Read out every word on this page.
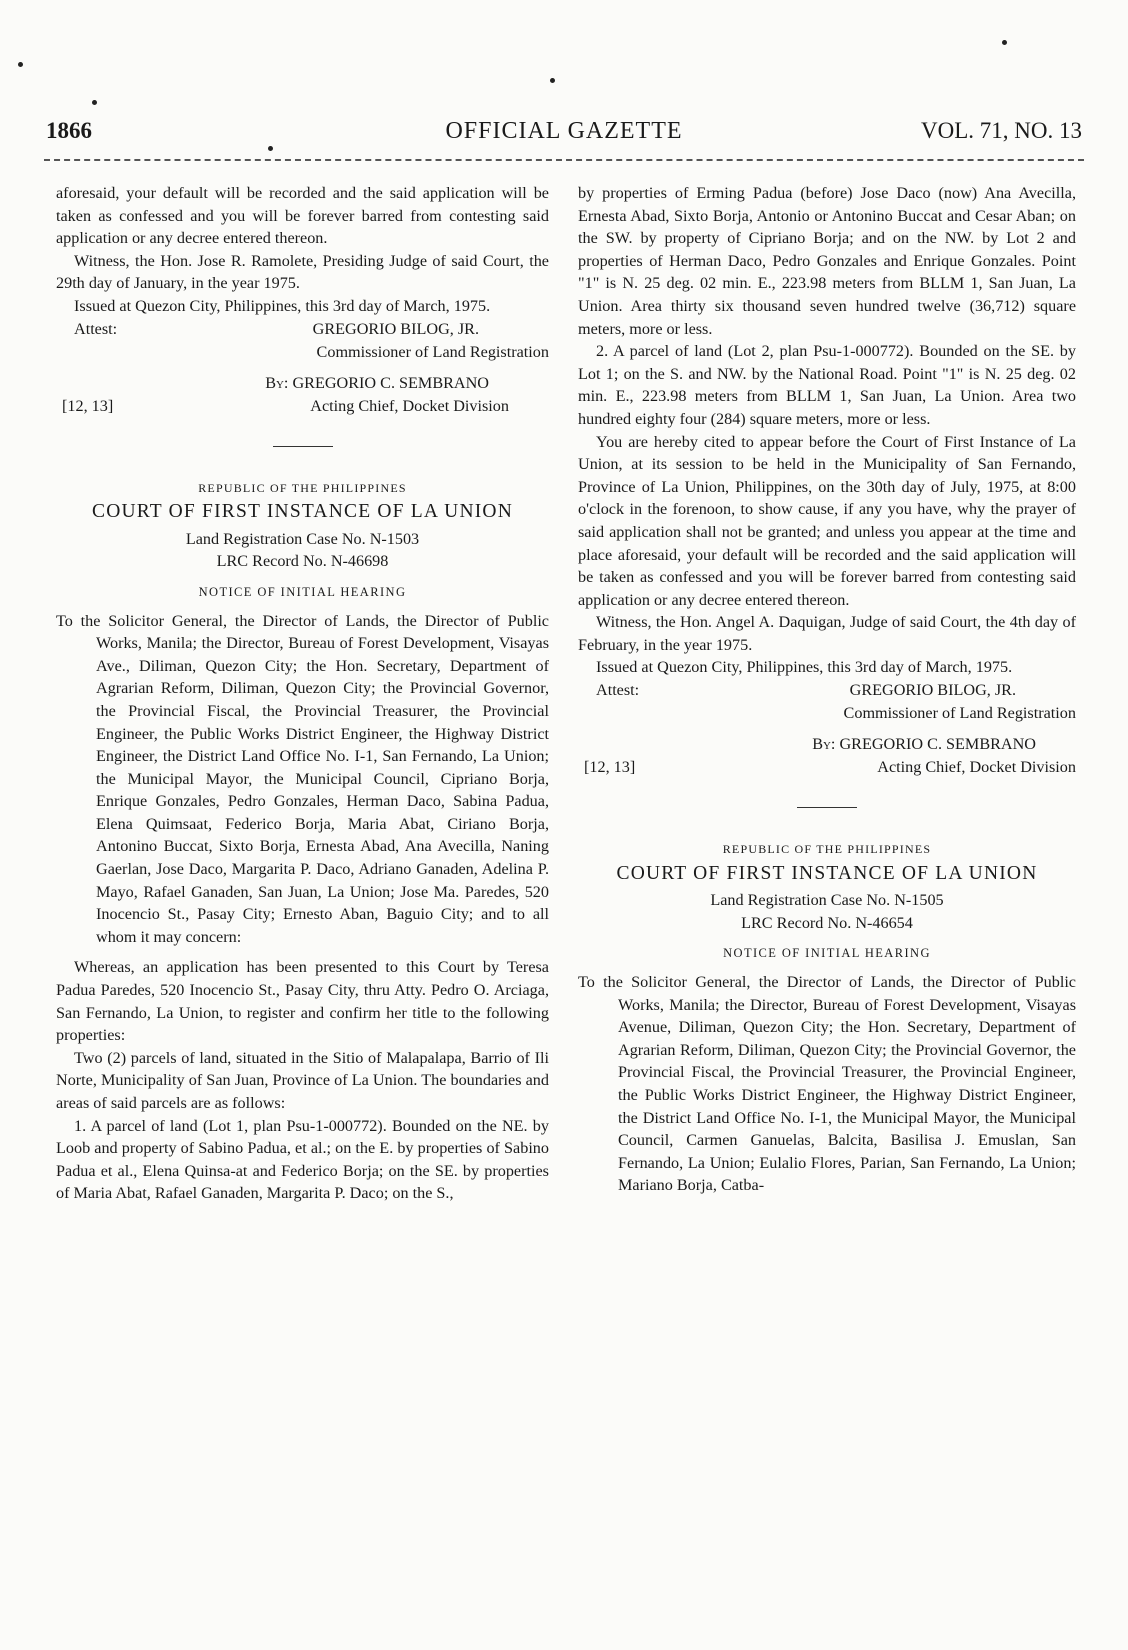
1866	OFFICIAL GAZETTE	VOL. 71, NO. 13

aforesaid, your default will be recorded and the said application will be taken as confessed and you will be forever barred from contesting said application or any decree entered thereon.

Witness, the Hon. Jose R. Ramolete, Presiding Judge of said Court, the 29th day of January, in the year 1975.

Issued at Quezon City, Philippines, this 3rd day of March, 1975.

Attest:	GREGORIO BILOG, JR.
Commissioner of Land Registration
By: GREGORIO C. SEMBRANO
[12, 13]	Acting Chief, Docket Division
REPUBLIC OF THE PHILIPPINES
COURT OF FIRST INSTANCE OF LA UNION
Land Registration Case No. N-1503
LRC Record No. N-46698
NOTICE OF INITIAL HEARING

To the Solicitor General, the Director of Lands, the Director of Public Works, Manila; the Director, Bureau of Forest Development, Visayas Ave., Diliman, Quezon City; the Hon. Secretary, Department of Agrarian Reform, Diliman, Quezon City; the Provincial Governor, the Provincial Fiscal, the Provincial Treasurer, the Provincial Engineer, the Public Works District Engineer, the Highway District Engineer, the District Land Office No. I-1, San Fernando, La Union; the Municipal Mayor, the Municipal Council, Cipriano Borja, Enrique Gonzales, Pedro Gonzales, Herman Daco, Sabina Padua, Elena Quimsaat, Federico Borja, Maria Abat, Ciriano Borja, Antonino Buccat, Sixto Borja, Ernesta Abad, Ana Avecilla, Naning Gaerlan, Jose Daco, Margarita P. Daco, Adriano Ganaden, Adelina P. Mayo, Rafael Ganaden, San Juan, La Union; Jose Ma. Paredes, 520 Inocencio St., Pasay City; Ernesto Aban, Baguio City; and to all whom it may concern:

Whereas, an application has been presented to this Court by Teresa Padua Paredes, 520 Inocencio St., Pasay City, thru Atty. Pedro O. Arciaga, San Fernando, La Union, to register and confirm her title to the following properties:

Two (2) parcels of land, situated in the Sitio of Malapalapa, Barrio of Ili Norte, Municipality of San Juan, Province of La Union. The boundaries and areas of said parcels are as follows:

1. A parcel of land (Lot 1, plan Psu-1-000772). Bounded on the NE. by Loob and property of Sabino Padua, et al.; on the E. by properties of Sabino Padua et al., Elena Quinsa-at and Federico Borja; on the SE. by properties of Maria Abat, Rafael Ganaden, Margarita P. Daco; on the S.,

by properties of Erming Padua (before) Jose Daco (now) Ana Avecilla, Ernesta Abad, Sixto Borja, Antonio or Antonino Buccat and Cesar Aban; on the SW. by property of Cipriano Borja; and on the NW. by Lot 2 and properties of Herman Daco, Pedro Gonzales and Enrique Gonzales. Point "1" is N. 25 deg. 02 min. E., 223.98 meters from BLLM 1, San Juan, La Union. Area thirty six thousand seven hundred twelve (36,712) square meters, more or less.

2. A parcel of land (Lot 2, plan Psu-1-000772). Bounded on the SE. by Lot 1; on the S. and NW. by the National Road. Point "1" is N. 25 deg. 02 min. E., 223.98 meters from BLLM 1, San Juan, La Union. Area two hundred eighty four (284) square meters, more or less.

You are hereby cited to appear before the Court of First Instance of La Union, at its session to be held in the Municipality of San Fernando, Province of La Union, Philippines, on the 30th day of July, 1975, at 8:00 o'clock in the forenoon, to show cause, if any you have, why the prayer of said application shall not be granted; and unless you appear at the time and place aforesaid, your default will be recorded and the said application will be taken as confessed and you will be forever barred from contesting said application or any decree entered thereon.

Witness, the Hon. Angel A. Daquigan, Judge of said Court, the 4th day of February, in the year 1975.

Issued at Quezon City, Philippines, this 3rd day of March, 1975.

Attest:	GREGORIO BILOG, JR.
Commissioner of Land Registration
By: GREGORIO C. SEMBRANO
[12, 13]	Acting Chief, Docket Division
REPUBLIC OF THE PHILIPPINES
COURT OF FIRST INSTANCE OF LA UNION
Land Registration Case No. N-1505
LRC Record No. N-46654
NOTICE OF INITIAL HEARING

To the Solicitor General, the Director of Lands, the Director of Public Works, Manila; the Director, Bureau of Forest Development, Visayas Avenue, Diliman, Quezon City; the Hon. Secretary, Department of Agrarian Reform, Diliman, Quezon City; the Provincial Governor, the Provincial Fiscal, the Provincial Treasurer, the Provincial Engineer, the Public Works District Engineer, the Highway District Engineer, the District Land Office No. I-1, the Municipal Mayor, the Municipal Council, Carmen Ganuelas, Balcita, Basilisa J. Emuslan, San Fernando, La Union; Eulalio Flores, Parian, San Fernando, La Union; Mariano Borja, Catba-
